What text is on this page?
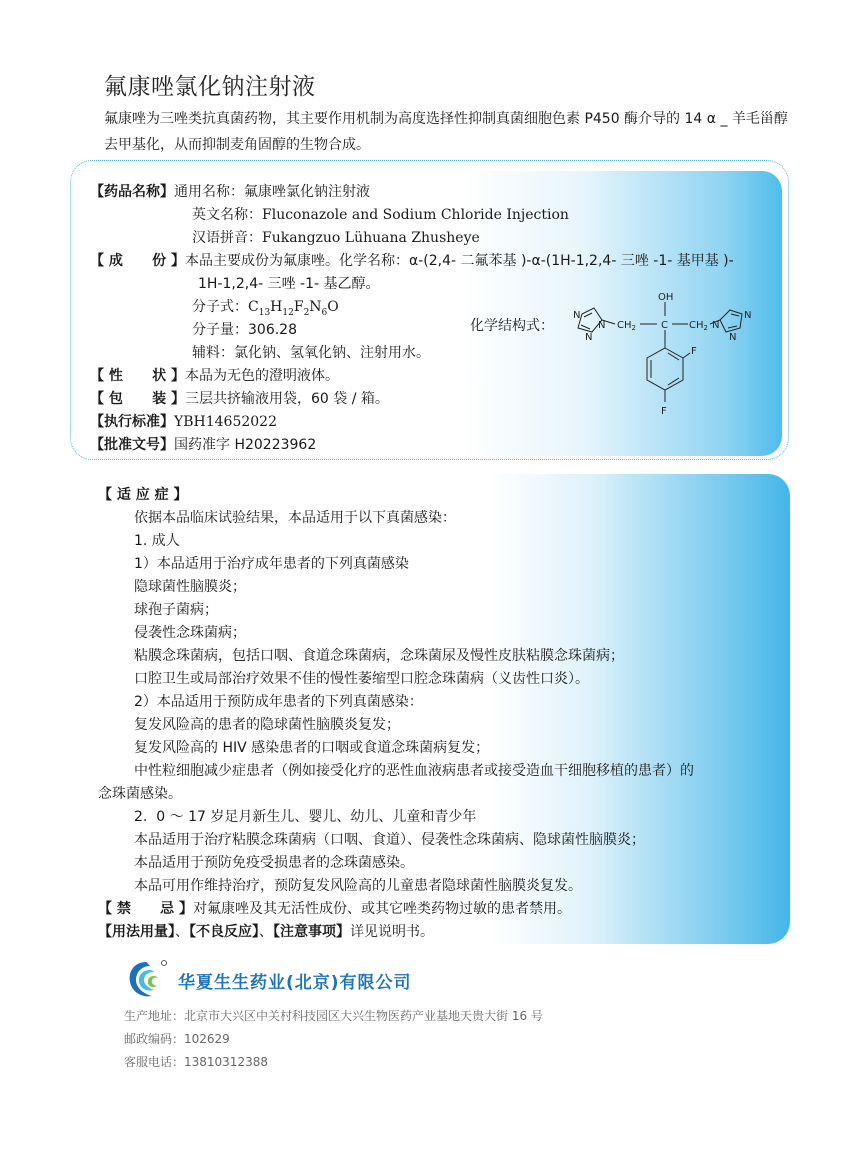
氟康唑氯化钠注射液
氟康唑为三唑类抗真菌药物，其主要作用机制为高度选择性抑制真菌细胞色素 P450 酶介导的 14 α _ 羊毛甾醇去甲基化，从而抑制麦角固醇的生物合成。
【药品名称】通用名称：氟康唑氯化钠注射液
英文名称：Fluconazole and Sodium Chloride Injection
汉语拼音：Fukangzuo Lühuana Zhusheye
【 成      份 】本品主要成份为氟康唑。化学名称：α-(2,4- 二氟苯基 )-α-(1H-1,2,4- 三唑 -1- 基甲基 )-
1H-1,2,4- 三唑 -1- 基乙醇。
分子式：$C_{13}H_{12}F_2N_6O$
分子量：306.28
辅料：氯化钠、氢氧化钠、注射用水。
【 性      状 】本品为无色的澄明液体。
【 包      装 】三层共挤输液用袋，60 袋 / 箱。
【执行标准】YBH14652022
【批准文号】国药准字 H20223962
化学结构式：
OH
C
$CH_2$	$CH_2$
N
N
N	N
N
N
F
F
【 适 应 症 】
依据本品临床试验结果，本品适用于以下真菌感染：
1. 成人
1）本品适用于治疗成年患者的下列真菌感染
隐球菌性脑膜炎；
球孢子菌病；
侵袭性念珠菌病；
粘膜念珠菌病，包括口咽、食道念珠菌病，念珠菌尿及慢性皮肤粘膜念珠菌病；
口腔卫生或局部治疗效果不佳的慢性萎缩型口腔念珠菌病（义齿性口炎）。
2）本品适用于预防成年患者的下列真菌感染：
复发风险高的患者的隐球菌性脑膜炎复发；
复发风险高的 HIV 感染患者的口咽或食道念珠菌病复发；
中性粒细胞减少症患者（例如接受化疗的恶性血液病患者或接受造血干细胞移植的患者）的
念珠菌感染。
2.  0 ～ 17 岁足月新生儿、婴儿、幼儿、儿童和青少年
本品适用于治疗粘膜念珠菌病（口咽、食道）、侵袭性念珠菌病、隐球菌性脑膜炎；
本品适用于预防免疫受损患者的念珠菌感染。
本品可用作维持治疗，预防复发风险高的儿童患者隐球菌性脑膜炎复发。
【 禁      忌 】对氟康唑及其无活性成份、或其它唑类药物过敏的患者禁用。
【用法用量】、【不良反应】、【注意事项】详见说明书。
华夏生生药业(北京)有限公司
生产地址：北京市大兴区中关村科技园区大兴生物医药产业基地天贵大街 16 号
邮政编码：102629
客服电话：13810312388
